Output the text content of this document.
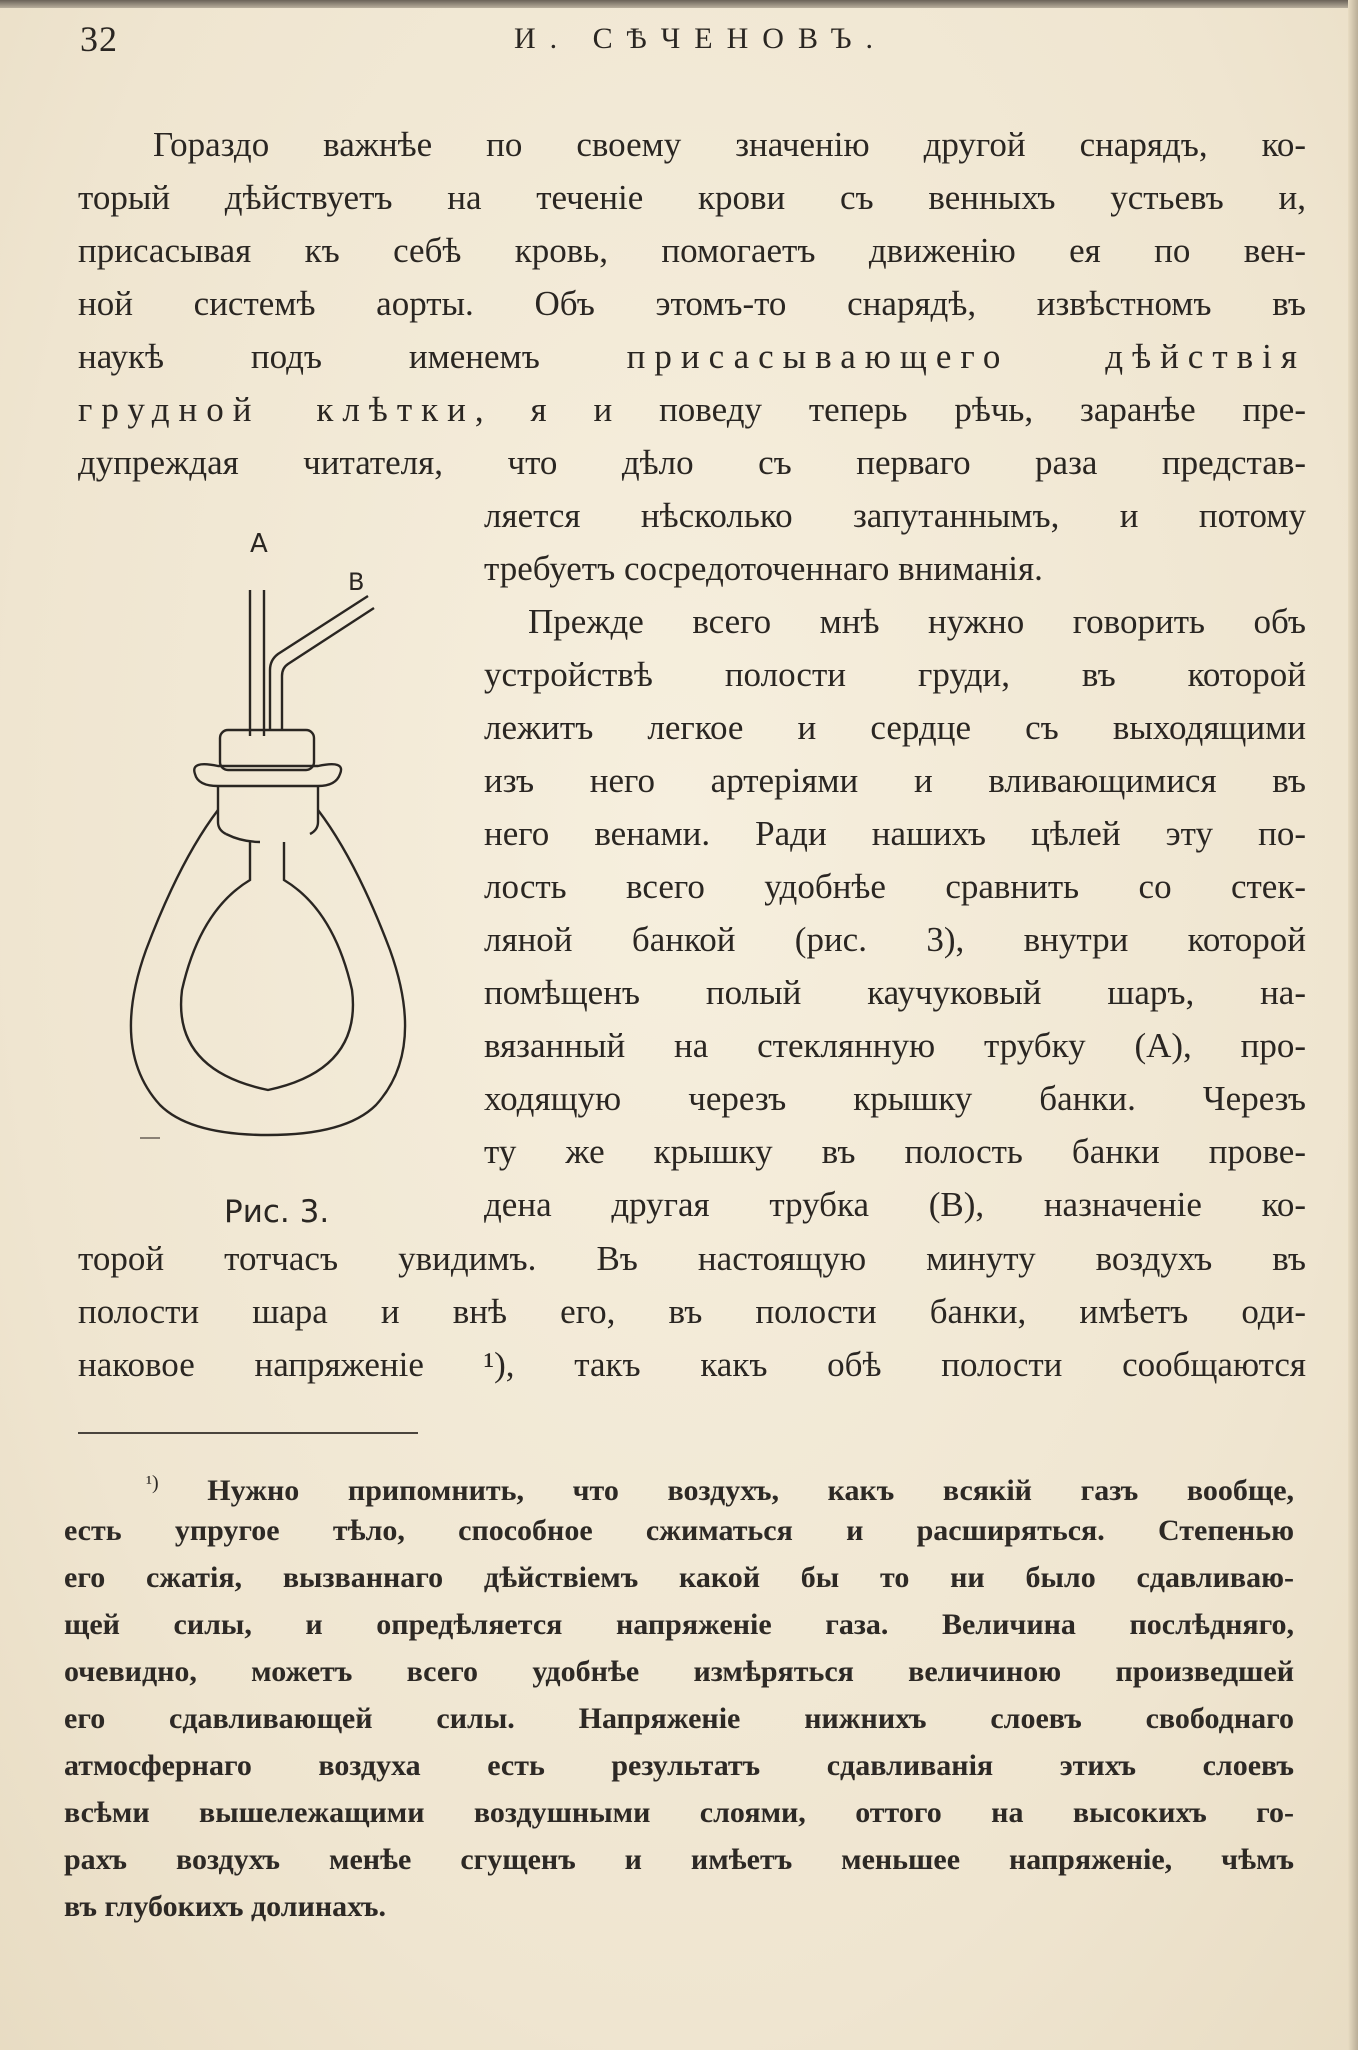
32	И. СѢЧЕНОВЪ.
Гораздо важнѣе по своему значенію другой снарядъ, ко-
торый дѣйствуетъ на теченіе крови съ венныхъ устьевъ и,
присасывая къ себѣ кровь, помогаетъ движенію ея по вен-
ной системѣ аорты. Объ этомъ-то снарядѣ, извѣстномъ въ
наукѣ подъ именемъ присасывающего дѣйствія
грудной клѣтки, я и поведу теперь рѣчь, заранѣе пре-
дупреждая читателя, что дѣло съ перваго раза представ-
ляется нѣсколько запутаннымъ, и потому
требуетъ сосредоточеннаго вниманія.
Прежде всего мнѣ нужно говорить объ
устройствѣ полости груди, въ которой
лежитъ легкое и сердце съ выходящими
изъ него артеріями и вливающимися въ
него венами. Ради нашихъ цѣлей эту по-
лость всего удобнѣе сравнить со стек-
ляной банкой (рис. 3), внутри которой
помѣщенъ полый каучуковый шаръ, на-
вязанный на стеклянную трубку (А), про-
ходящую черезъ крышку банки. Черезъ
ту же крышку въ полость банки прове-
дена другая трубка (В), назначеніе ко-
A
B
Рис. 3.
торой тотчасъ увидимъ. Въ настоящую минуту воздухъ въ
полости шара и внѣ его, въ полости банки, имѣетъ оди-
наковое напряженіе ¹), такъ какъ обѣ полости сообщаются
$^{^1)}$ Нужно припомнить, что воздухъ, какъ всякій газъ вообще,
есть упругое тѣло, способное сжиматься и расширяться. Степенью
его сжатія, вызваннаго дѣйствіемъ какой бы то ни было сдавливаю-
щей силы, и опредѣляется напряженіе газа. Величина послѣдняго,
очевидно, можетъ всего удобнѣе измѣряться величиною произведшей
его сдавливающей силы. Напряженіе нижнихъ слоевъ свободнаго
атмосфернаго воздуха есть результатъ сдавливанія этихъ слоевъ
всѣми вышележащими воздушными слоями, оттого на высокихъ го-
рахъ воздухъ менѣе сгущенъ и имѣетъ меньшее напряженіе, чѣмъ
въ глубокихъ долинахъ.
